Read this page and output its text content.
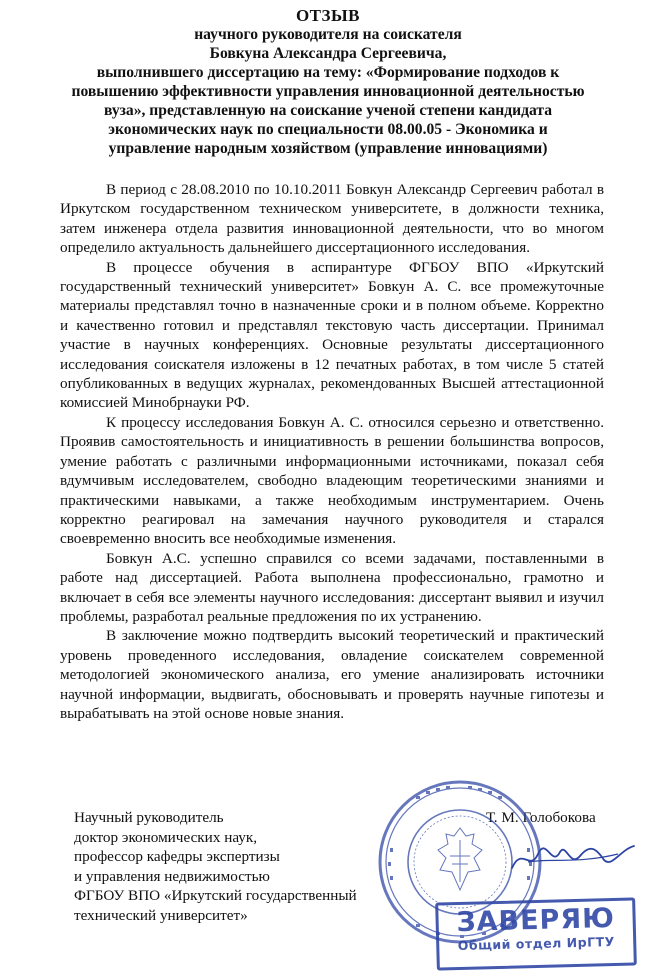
ОТЗЫВ
научного руководителя на соискателя
Бовкуна Александра Сергеевича,
выполнившего диссертацию на тему: «Формирование подходов к
повышению эффективности управления инновационной деятельностью
вуза», представленную на соискание ученой степени кандидата
экономических наук по специальности 08.00.05 - Экономика и
управление народным хозяйством (управление инновациями)

В период с 28.08.2010 по 10.10.2011 Бовкун Александр Сергеевич работал в Иркутском государственном техническом университете, в должности техника, затем инженера отдела развития инновационной деятельности, что во многом определило актуальность дальнейшего диссертационного исследования.

В процессе обучения в аспирантуре ФГБОУ ВПО «Иркутский государственный технический университет» Бовкун А. С. все промежуточные материалы представлял точно в назначенные сроки и в полном объеме. Корректно и качественно готовил и представлял текстовую часть диссертации. Принимал участие в научных конференциях. Основные результаты диссертационного исследования соискателя изложены в 12 печатных работах, в том числе 5 статей опубликованных в ведущих журналах, рекомендованных Высшей аттестационной комиссией Минобрнауки РФ.

К процессу исследования Бовкун А. С. относился серьезно и ответственно. Проявив самостоятельность и инициативность в решении большинства вопросов, умение работать с различными информационными источниками, показал себя вдумчивым исследователем, свободно владеющим теоретическими знаниями и практическими навыками, а также необходимым инструментарием. Очень корректно реагировал на замечания научного руководителя и старался своевременно вносить все необходимые изменения.

Бовкун А.С. успешно справился со всеми задачами, поставленными в работе над диссертацией. Работа выполнена профессионально, грамотно и включает в себя все элементы научного исследования: диссертант выявил и изучил проблемы, разработал реальные предложения по их устранению.

В заключение можно подтвердить высокий теоретический и практический уровень проведенного исследования, овладение соискателем современной методологией экономического анализа, его умение анализировать источники научной информации, выдвигать, обосновывать и проверять научные гипотезы и вырабатывать на этой основе новые знания.

Научный руководитель
доктор экономических наук,
профессор кафедры экспертизы
и управления недвижимостью
ФГБОУ ВПО «Иркутский государственный
технический университет»
Т. М. Голобокова
ЗАВЕРЯЮ
Общий отдел ИрГТУ
